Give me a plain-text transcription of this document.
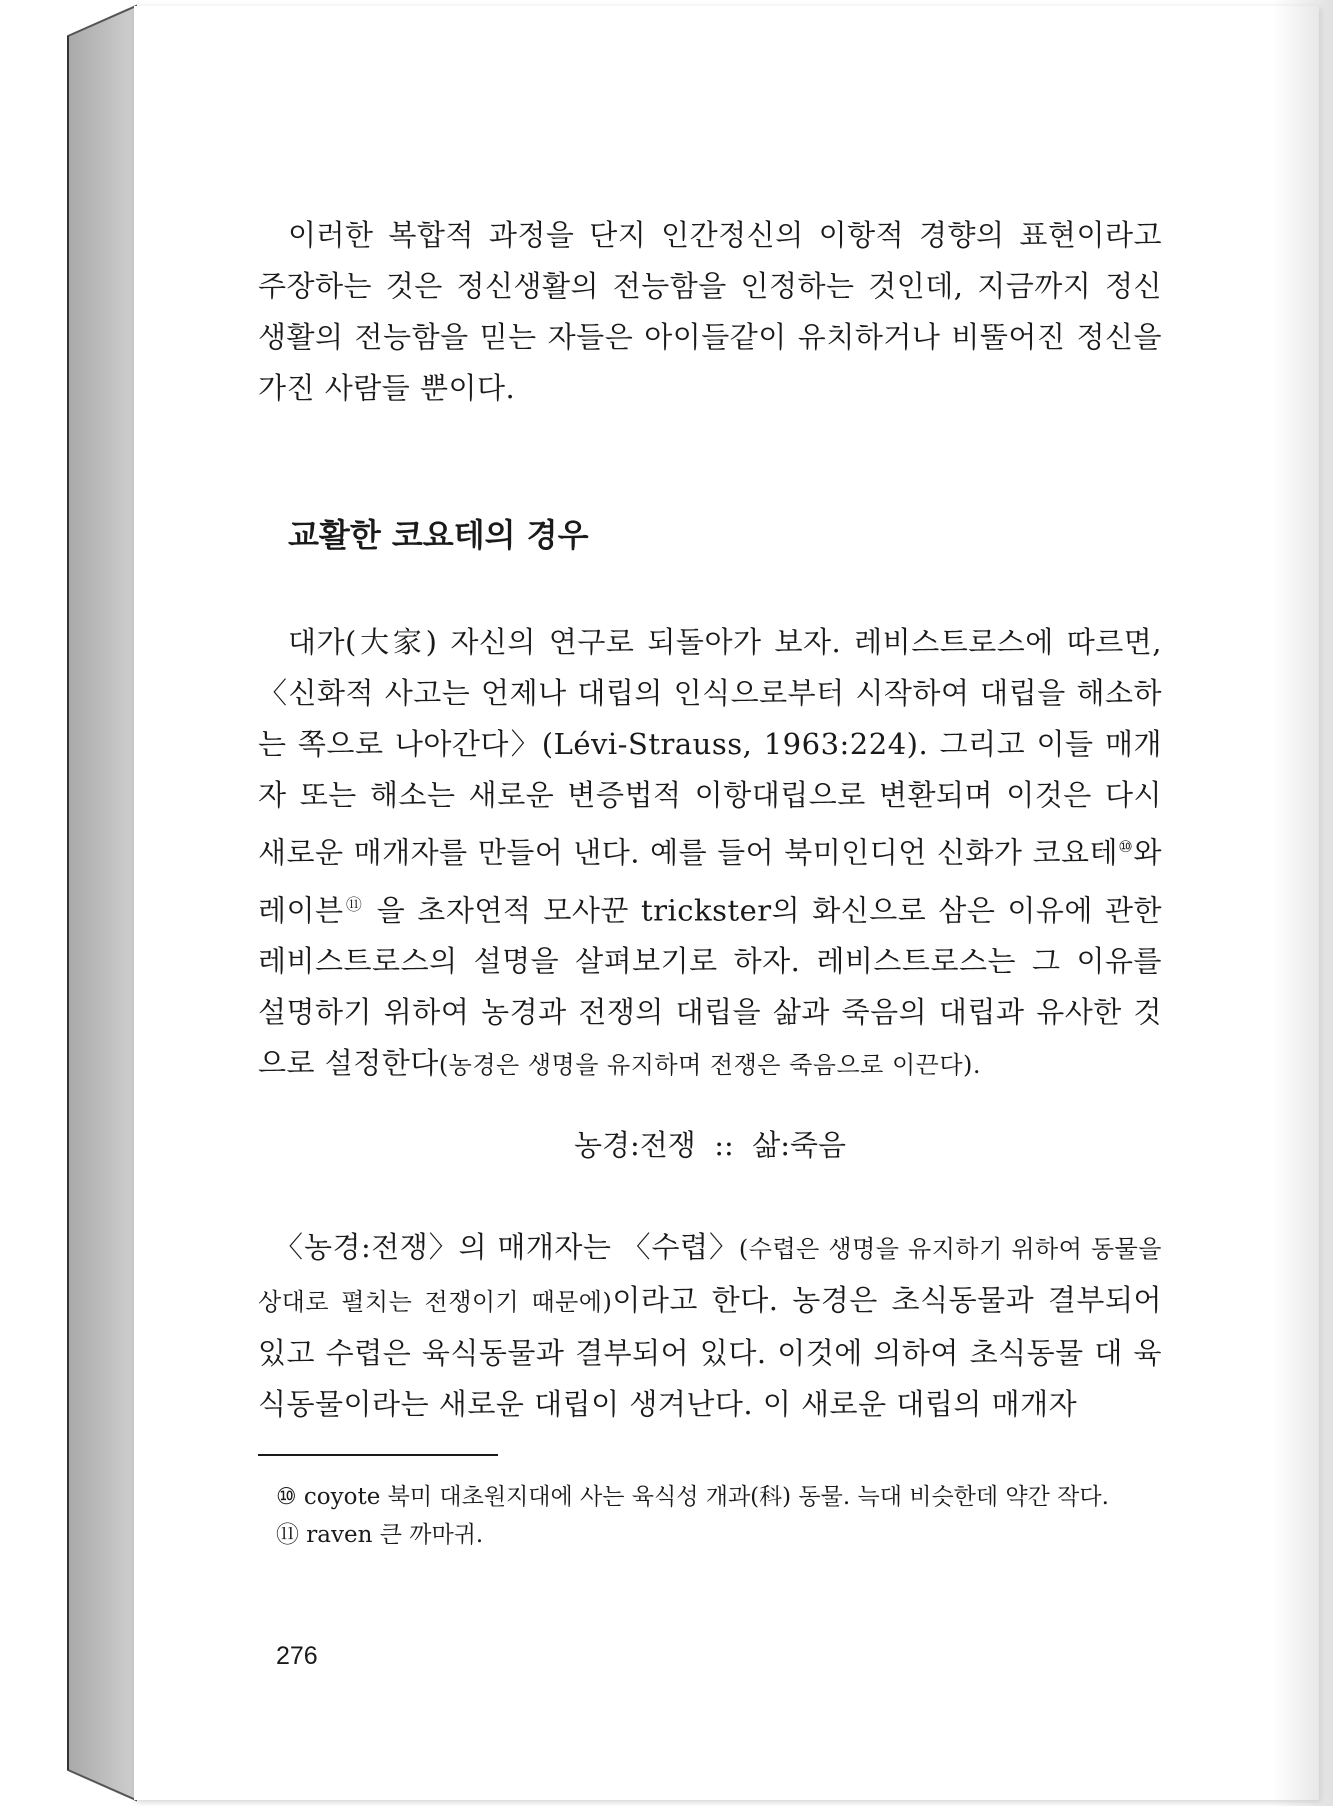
이러한 복합적 과정을 단지 인간정신의 이항적 경향의 표현이라고 주장하는 것은 정신생활의 전능함을 인정하는 것인데, 지금까지 정신생활의 전능함을 믿는 자들은 아이들같이 유치하거나 비뚤어진 정신을 가진 사람들 뿐이다.

교활한 코요테의 경우

대가(大家) 자신의 연구로 되돌아가 보자. 레비스트로스에 따르면, 〈신화적 사고는 언제나 대립의 인식으로부터 시작하여 대립을 해소하는 쪽으로 나아간다〉(Lévi-Strauss, 1963:224). 그리고 이들 매개자 또는 해소는 새로운 변증법적 이항대립으로 변환되며 이것은 다시 새로운 매개자를 만들어 낸다. 예를 들어 북미인디언 신화가 코요테⑩와 레이븐⑪ 을 초자연적 모사꾼 trickster의 화신으로 삼은 이유에 관한 레비스트로스의 설명을 살펴보기로 하자. 레비스트로스는 그 이유를 설명하기 위하여 농경과 전쟁의 대립을 삶과 죽음의 대립과 유사한 것으로 설정한다(농경은 생명을 유지하며 전쟁은 죽음으로 이끈다).

농경:전쟁  ::  삶:죽음

〈농경:전쟁〉의 매개자는 〈수렵〉(수렵은 생명을 유지하기 위하여 동물을 상대로 펼치는 전쟁이기 때문에)이라고 한다. 농경은 초식동물과 결부되어 있고 수렵은 육식동물과 결부되어 있다. 이것에 의하여 초식동물 대 육식동물이라는 새로운 대립이 생겨난다. 이 새로운 대립의 매개자

⑩ coyote 북미 대초원지대에 사는 육식성 개과(科) 동물. 늑대 비슷한데 약간 작다.

⑪ raven 큰 까마귀.

276
